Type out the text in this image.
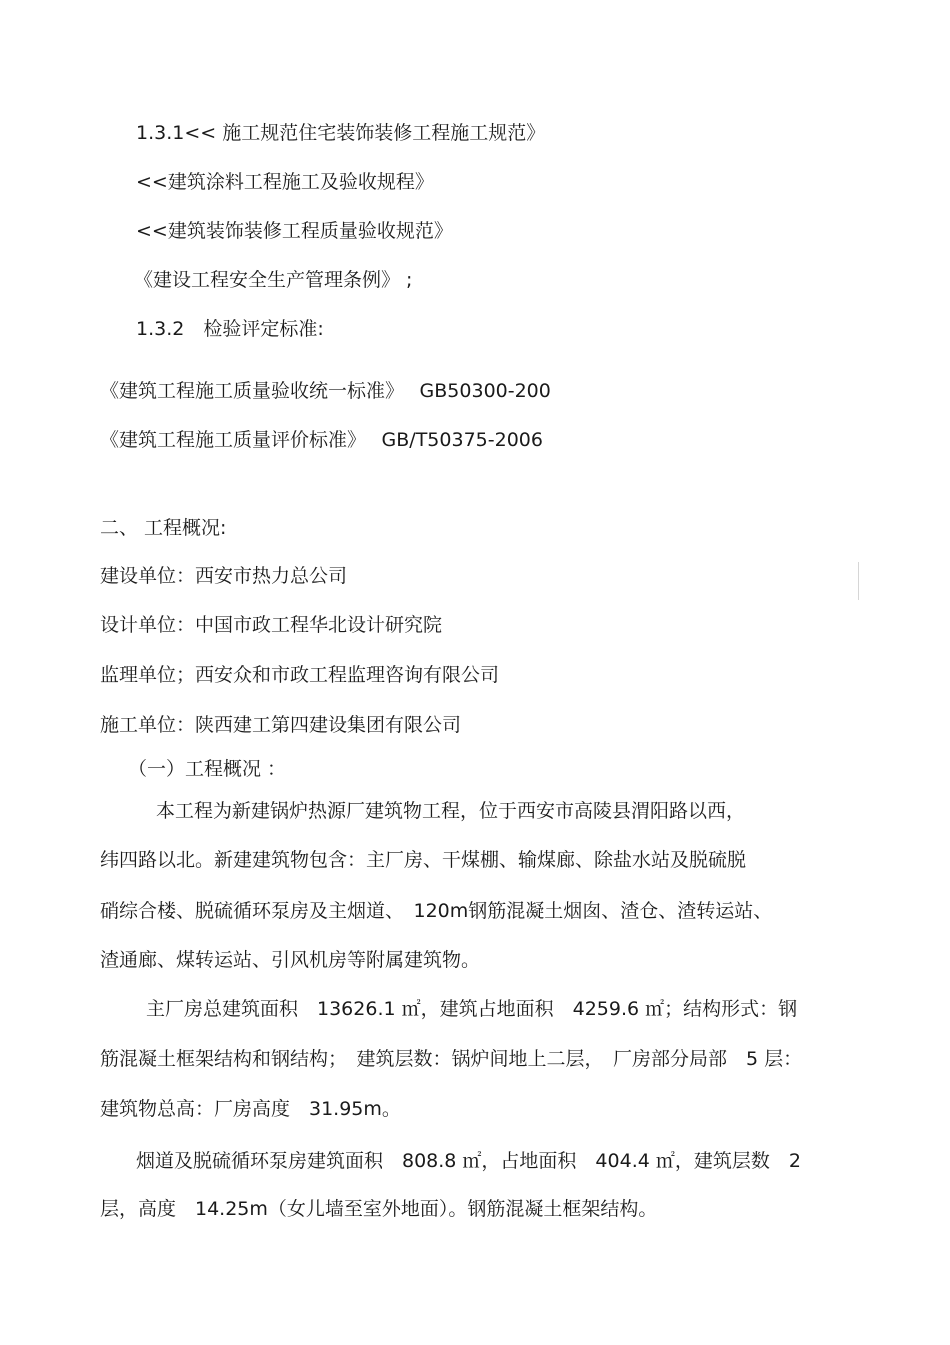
1.3.1<< 施工规范住宅装饰装修工程施工规范》
<<建筑涂料工程施工及验收规程》
<<建筑装饰装修工程质量验收规范》
《建设工程安全生产管理条例》 ;
1.3.2　检验评定标准:
《建筑工程施工质量验收统一标准》　 GB50300-200
《建筑工程施工质量评价标准》　 GB/T50375-2006
二、 工程概况:
建设单位：西安市热力总公司
设计单位：中国市政工程华北设计研究院
监理单位；西安众和市政工程监理咨询有限公司
施工单位：陕西建工第四建设集团有限公司
（一）工程概况 ：
本工程为新建锅炉热源厂建筑物工程，位于西安市高陵县渭阳路以西，
纬四路以北。新建建筑物包含：主厂房、干煤棚、输煤廊、除盐水站及脱硫脱
硝综合楼、脱硫循环泵房及主烟道、　120m钢筋混凝土烟囱、渣仓、渣转运站、
渣通廊、煤转运站、引风机房等附属建筑物。
主厂房总建筑面积　13626.1 ㎡，建筑占地面积　4259.6 ㎡；结构形式：钢
筋混凝土框架结构和钢结构；　建筑层数：锅炉间地上二层，　厂房部分局部　5 层：
建筑物总高：厂房高度　31.95m。
烟道及脱硫循环泵房建筑面积　808.8 ㎡，占地面积　404.4 ㎡，建筑层数　2
层，高度　14.25m（女儿墙至室外地面）。钢筋混凝土框架结构。
